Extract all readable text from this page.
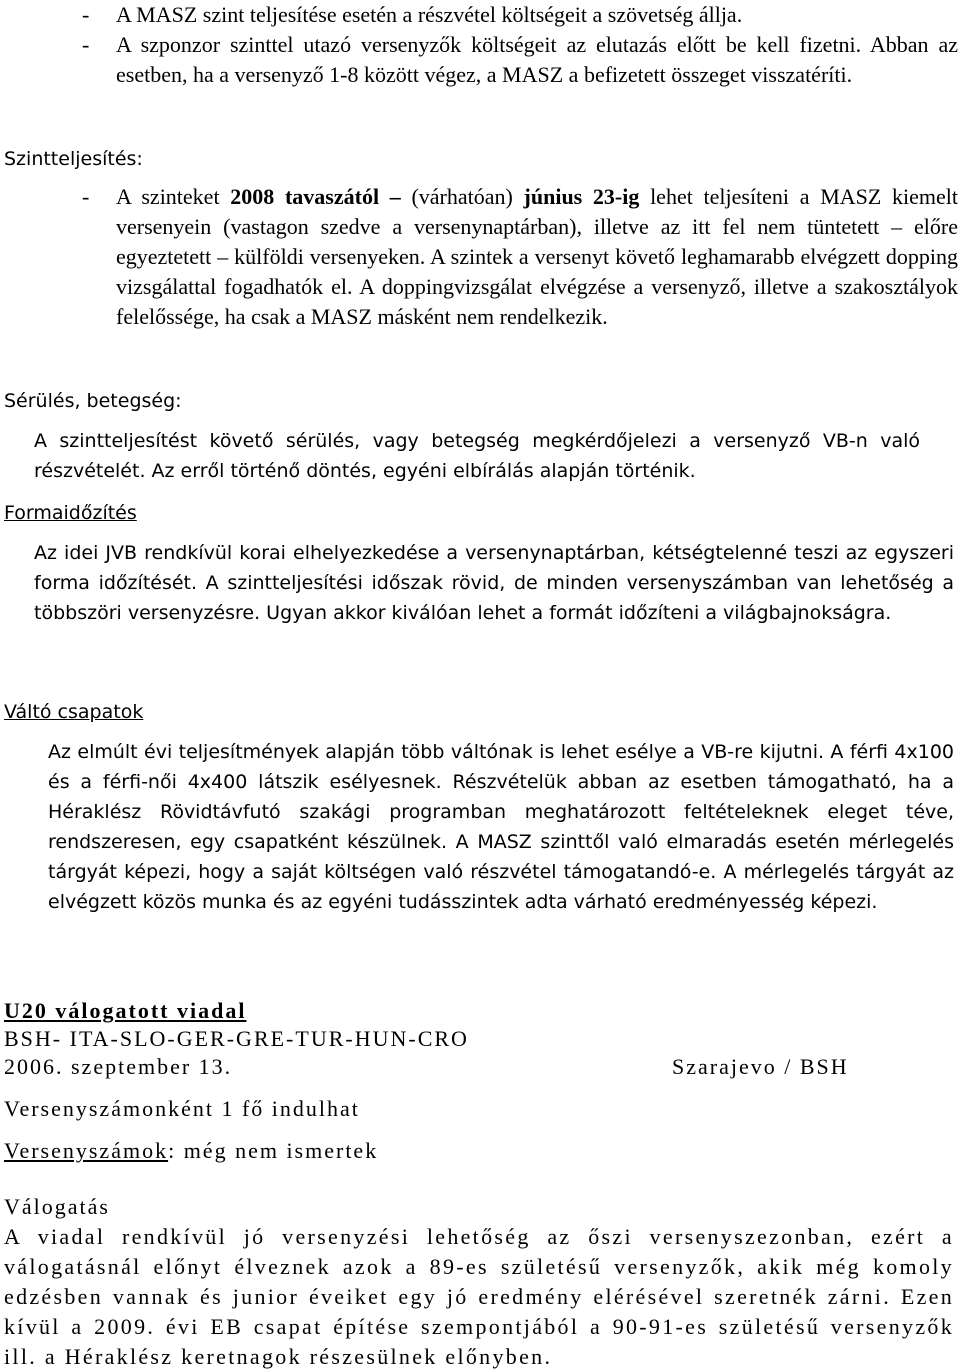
-	A MASZ szint teljesítése esetén a részvétel költségeit a szövetség állja.
-	A szponzor szinttel utazó versenyzők költségeit az elutazás előtt be kell fizetni. Abban az esetben, ha a versenyző 1-8 között végez, a MASZ a befizetett összeget visszatéríti.
Szintteljesítés:
-	A szinteket 2008 tavaszától – (várhatóan) június 23-ig lehet teljesíteni a MASZ kiemelt versenyein (vastagon szedve a versenynaptárban), illetve az itt fel nem tüntetett – előre egyeztetett – külföldi versenyeken. A szintek a versenyt követő leghamarabb elvégzett dopping vizsgálattal fogadhatók el. A doppingvizsgálat elvégzése a versenyző, illetve a szakosztályok felelőssége, ha csak a MASZ másként nem rendelkezik.
Sérülés, betegség:
A szintteljesítést követő sérülés, vagy betegség megkérdőjelezi a versenyző VB-n való részvételét. Az erről történő döntés, egyéni elbírálás alapján történik.
Formaidőzítés
Az idei JVB rendkívül korai elhelyezkedése a versenynaptárban, kétségtelenné teszi az egyszeri forma időzítését. A szintteljesítési időszak rövid, de minden versenyszámban van lehetőség a többszöri versenyzésre. Ugyan akkor kiválóan lehet a formát időzíteni a világbajnokságra.
Váltó csapatok
Az elmúlt évi teljesítmények alapján több váltónak is lehet esélye a VB-re kijutni. A férfi 4x100 és a férfi-női 4x400 látszik esélyesnek. Részvételük abban az esetben támogatható, ha a Héraklész Rövidtávfutó szakági programban meghatározott feltételeknek eleget téve, rendszeresen, egy csapatként készülnek. A MASZ szinttől való elmaradás esetén mérlegelés tárgyát képezi, hogy a saját költségen való részvétel támogatandó-e. A mérlegelés tárgyát az elvégzett közös munka és az egyéni tudásszintek adta várható eredményesség képezi.
U20 válogatott viadal
BSH- ITA-SLO-GER-GRE-TUR-HUN-CRO
2006. szeptember 13.	Szarajevo / BSH
Versenyszámonként 1 fő indulhat
Versenyszámok: még nem ismertek
Válogatás
A viadal rendkívül jó versenyzési lehetőség az őszi versenyszezonban, ezért a válogatásnál előnyt élveznek azok a 89-es születésű versenyzők, akik még komoly edzésben vannak és junior éveiket egy jó eredmény elérésével szeretnék zárni. Ezen kívül a 2009. évi EB csapat építése szempontjából a 90-91-es születésű versenyzők ill. a Héraklész keretnagok részesülnek előnyben.
